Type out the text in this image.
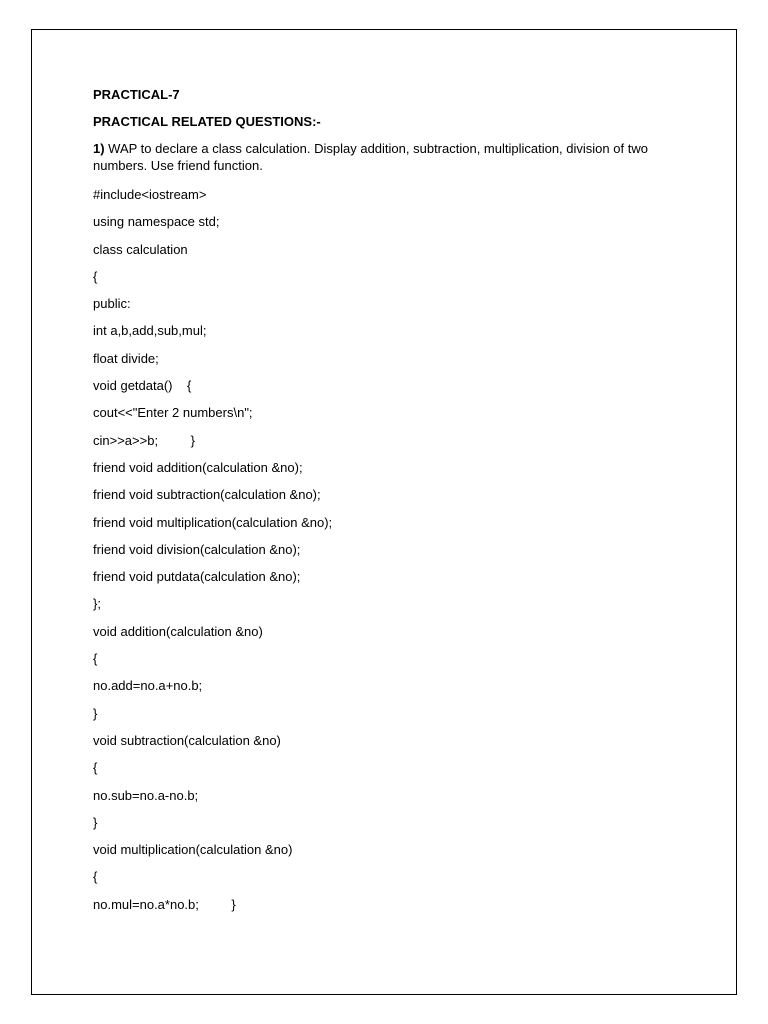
PRACTICAL-7

PRACTICAL RELATED QUESTIONS:-

1) WAP to declare a class calculation. Display addition, subtraction, multiplication, division of two numbers. Use friend function.

#include<iostream>

using namespace std;

class calculation

{

public:

int a,b,add,sub,mul;

float divide;

void getdata()    {

cout<<"Enter 2 numbers\n";

cin>>a>>b;         }

friend void addition(calculation &no);

friend void subtraction(calculation &no);

friend void multiplication(calculation &no);

friend void division(calculation &no);

friend void putdata(calculation &no);

};

void addition(calculation &no)

{

no.add=no.a+no.b;

}

void subtraction(calculation &no)

{

no.sub=no.a-no.b;

}

void multiplication(calculation &no)

{

no.mul=no.a*no.b;         }
